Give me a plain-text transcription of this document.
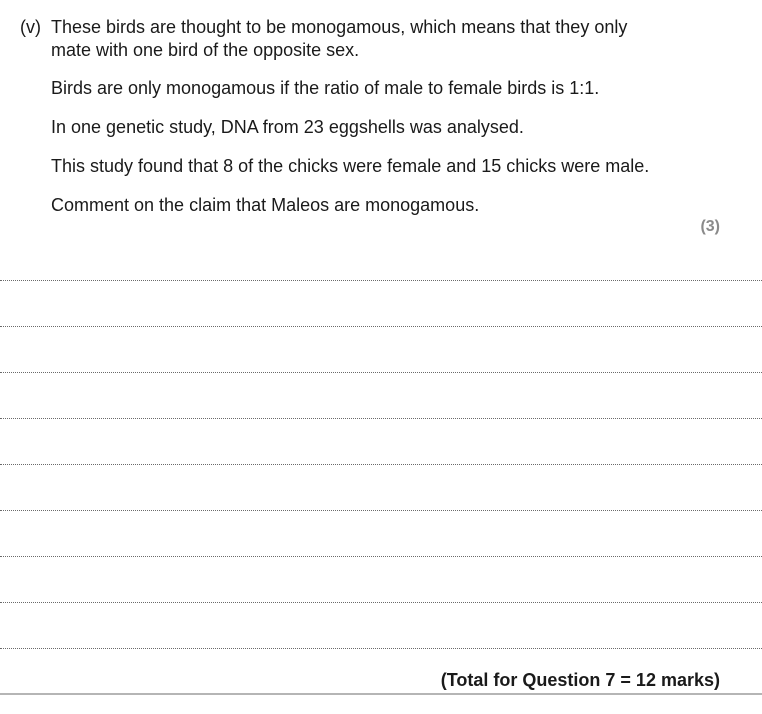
(v) These birds are thought to be monogamous, which means that they only
mate with one bird of the opposite sex.
Birds are only monogamous if the ratio of male to female birds is 1:1.
In one genetic study, DNA from 23 eggshells was analysed.
This study found that 8 of the chicks were female and 15 chicks were male.
Comment on the claim that Maleos are monogamous.
(3)
(Total for Question 7 = 12 marks)
